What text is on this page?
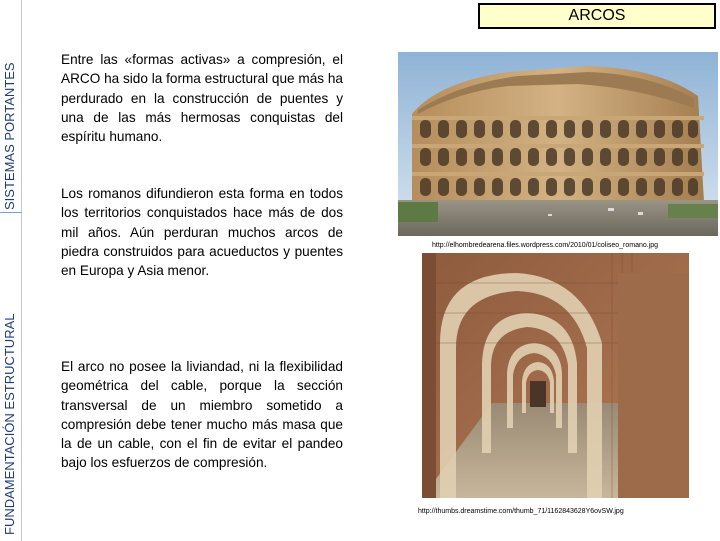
SISTEMAS PORTANTES
FUNDAMENTACIÓN ESTRUCTURAL
ARCOS
Entre las «formas activas» a compresión, el ARCO ha sido la forma estructural que más ha perdurado en la construcción de puentes y una de las más hermosas conquistas del espíritu humano.
Los romanos difundieron esta forma en todos los territorios conquistados hace más de dos mil años. Aún perduran muchos arcos de piedra construidos para acueductos y puentes en Europa y Asia menor.
El arco no posee la liviandad, ni la flexibilidad geométrica del cable, porque la sección transversal de un miembro sometido a compresión debe tener mucho más masa que la de un cable, con el fin de evitar el pandeo bajo los esfuerzos de compresión.
http://elhombredearena.files.wordpress.com/2010/01/coliseo_romano.jpg
http://thumbs.dreamstime.com/thumb_71/1162843628Y6ovSW.jpg
